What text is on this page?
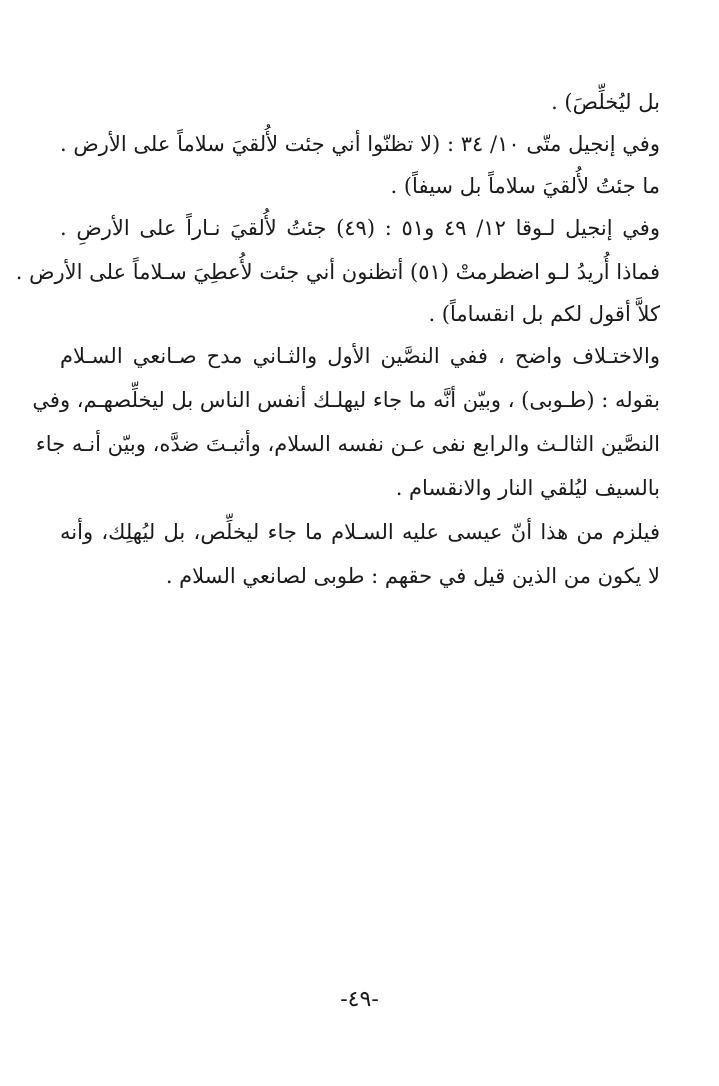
بل ليُخلِّصَ) .
وفي إنجيل متّى ١٠/ ٣٤ : (لا تظنّوا أني جئت لأُلقيَ سلاماً على الأرض .
ما جئتُ لأُلقيَ سلاماً بل سيفاً) .
وفي إنجيل لـوقا ١٢/ ٤٩ و٥١ : (٤٩) جئتُ لأُلقيَ نـاراً على الأرضِ .
فماذا أُريدُ لـو اضطرمتْ (٥١) أتظنون أني جئت لأُعطِيَ سـلاماً على الأرض .
كلاَّ أقول لكم بل انقساماً) .
والاختـلاف واضح ، ففي النصَّين الأول والثـاني مدح صـانعي السـلام
بقوله : (طـوبى) ، وبيّن أنَّه ما جاء ليهلـك أنفس الناس بل ليخلِّصهـم، وفي
النصَّين الثالـث والرابع نفى عـن نفسه السلام، وأثبـتَ ضدَّه، وبيّن أنـه جاء
بالسيف ليُلقي النار والانقسام .
فيلزم من هذا أنّ عيسى عليه السـلام ما جاء ليخلِّص، بل ليُهلِك، وأنه
لا يكون من الذين قيل في حقهم : طوبى لصانعي السلام .
-٤٩-
